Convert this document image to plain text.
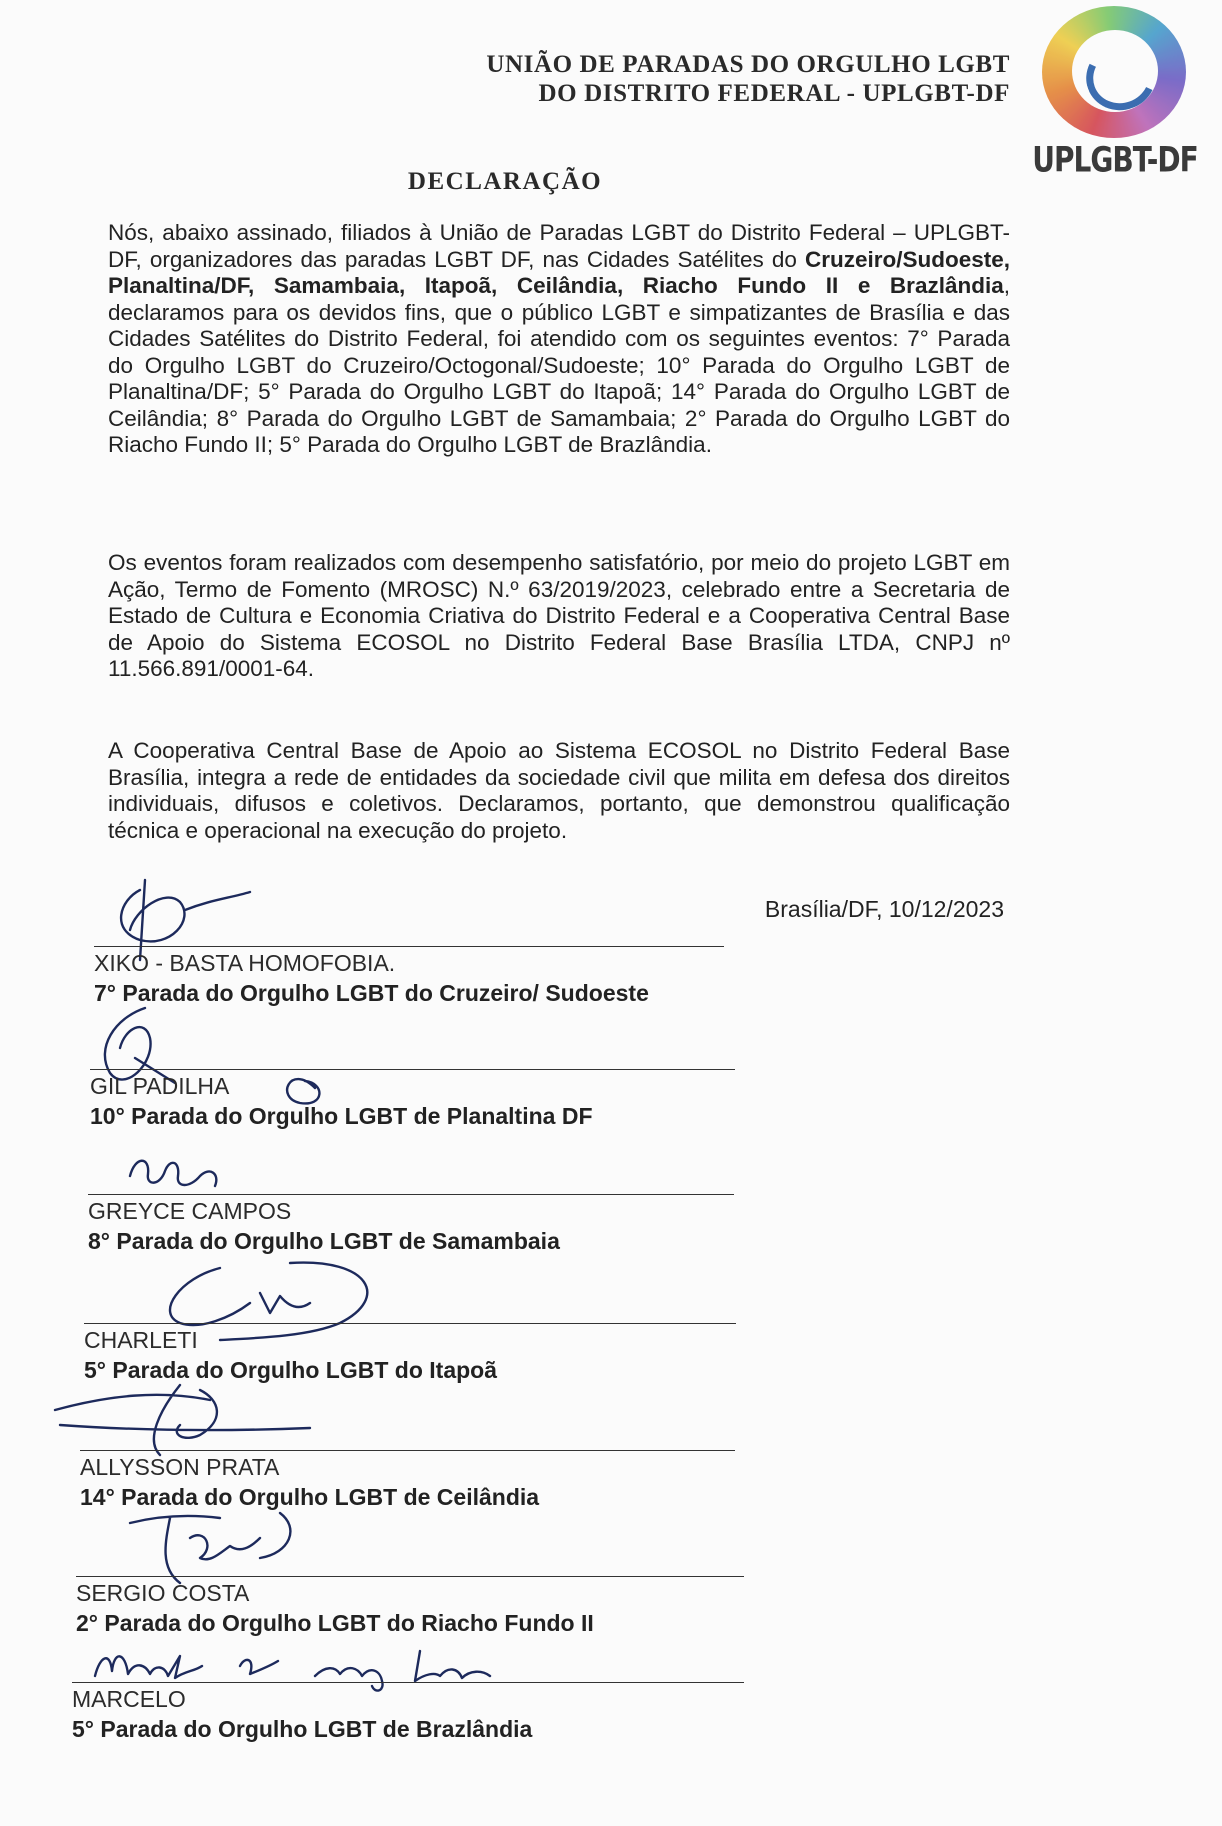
UNIÃO DE PARADAS DO ORGULHO LGBT
DO DISTRITO FEDERAL - UPLGBT-DF
UPLGBT-DF
DECLARAÇÃO
Nós, abaixo assinado, filiados à União de Paradas LGBT do Distrito Federal – UPLGBT-DF, organizadores das paradas LGBT DF, nas Cidades Satélites do Cruzeiro/Sudoeste, Planaltina/DF, Samambaia, Itapoã, Ceilândia, Riacho Fundo II e Brazlândia, declaramos para os devidos fins, que o público LGBT e simpatizantes de Brasília e das Cidades Satélites do Distrito Federal, foi atendido com os seguintes eventos: 7° Parada do Orgulho LGBT do Cruzeiro/Octogonal/Sudoeste; 10° Parada do Orgulho LGBT de Planaltina/DF; 5° Parada do Orgulho LGBT do Itapoã; 14° Parada do Orgulho LGBT de Ceilândia; 8° Parada do Orgulho LGBT de Samambaia; 2° Parada do Orgulho LGBT do Riacho Fundo II; 5° Parada do Orgulho LGBT de Brazlândia.
Os eventos foram realizados com desempenho satisfatório, por meio do projeto LGBT em Ação, Termo de Fomento (MROSC) N.º 63/2019/2023, celebrado entre a Secretaria de Estado de Cultura e Economia Criativa do Distrito Federal e a Cooperativa Central Base de Apoio do Sistema ECOSOL no Distrito Federal Base Brasília LTDA, CNPJ nº 11.566.891/0001-64.
A Cooperativa Central Base de Apoio ao Sistema ECOSOL no Distrito Federal Base Brasília, integra a rede de entidades da sociedade civil que milita em defesa dos direitos individuais, difusos e coletivos. Declaramos, portanto, que demonstrou qualificação técnica e operacional na execução do projeto.
Brasília/DF, 10/12/2023
XIKO - BASTA HOMOFOBIA.
7° Parada do Orgulho LGBT do Cruzeiro/ Sudoeste
GIL PADILHA
10° Parada do Orgulho LGBT de Planaltina DF
GREYCE CAMPOS
8° Parada do Orgulho LGBT de Samambaia
CHARLETI
5° Parada do Orgulho LGBT do Itapoã
ALLYSSON PRATA
14° Parada do Orgulho LGBT de Ceilândia
SERGIO COSTA
2° Parada do Orgulho LGBT do Riacho Fundo II
MARCELO
5° Parada do Orgulho LGBT de Brazlândia
